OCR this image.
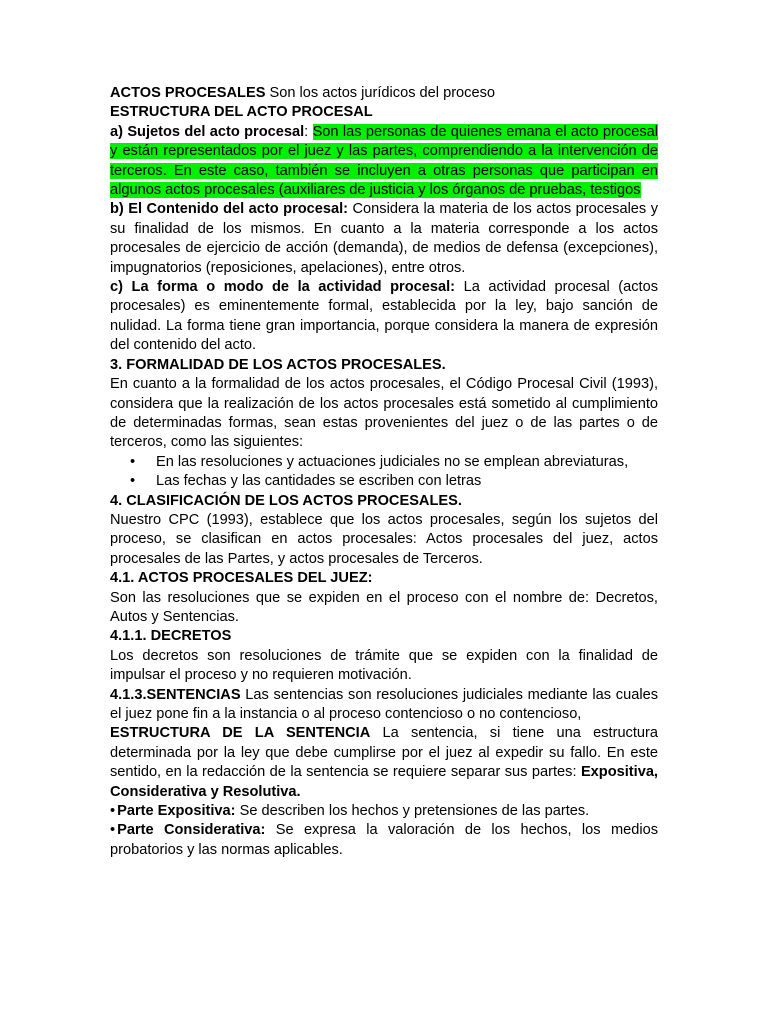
ACTOS PROCESALES Son los actos jurídicos del proceso

ESTRUCTURA DEL ACTO PROCESAL

a) Sujetos del acto procesal: Son las personas de quienes emana el acto procesal y están representados por el juez y las partes, comprendiendo a la intervención de terceros. En este caso, también se incluyen a otras personas que participan en algunos actos procesales (auxiliares de justicia y los órganos de pruebas, testigos

b) El Contenido del acto procesal: Considera la materia de los actos procesales y su finalidad de los mismos. En cuanto a la materia corresponde a los actos procesales de ejercicio de acción (demanda), de medios de defensa (excepciones), impugnatorios (reposiciones, apelaciones), entre otros.

c) La forma o modo de la actividad procesal: La actividad procesal (actos procesales) es eminentemente formal, establecida por la ley, bajo sanción de nulidad. La forma tiene gran importancia, porque considera la manera de expresión del contenido del acto.

3. FORMALIDAD DE LOS ACTOS PROCESALES.

En cuanto a la formalidad de los actos procesales, el Código Procesal Civil (1993), considera que la realización de los actos procesales está sometido al cumplimiento de determinadas formas, sean estas provenientes del juez o de las partes o de terceros, como las siguientes:

• En las resoluciones y actuaciones judiciales no se emplean abreviaturas,
• Las fechas y las cantidades se escriben con letras

4. CLASIFICACIÓN DE LOS ACTOS PROCESALES.

Nuestro CPC (1993), establece que los actos procesales, según los sujetos del proceso, se clasifican en actos procesales: Actos procesales del juez, actos procesales de las Partes, y actos procesales de Terceros.

4.1. ACTOS PROCESALES DEL JUEZ:

Son las resoluciones que se expiden en el proceso con el nombre de: Decretos, Autos y Sentencias.

4.1.1. DECRETOS

Los decretos son resoluciones de trámite que se expiden con la finalidad de impulsar el proceso y no requieren motivación.

4.1.3.SENTENCIAS Las sentencias son resoluciones judiciales mediante las cuales el juez pone fin a la instancia o al proceso contencioso o no contencioso,

ESTRUCTURA DE LA SENTENCIA La sentencia, si tiene una estructura determinada por la ley que debe cumplirse por el juez al expedir su fallo. En este sentido, en la redacción de la sentencia se requiere separar sus partes: Expositiva, Considerativa y Resolutiva.

• Parte Expositiva: Se describen los hechos y pretensiones de las partes.

• Parte Considerativa: Se expresa la valoración de los hechos, los medios probatorios y las normas aplicables.
